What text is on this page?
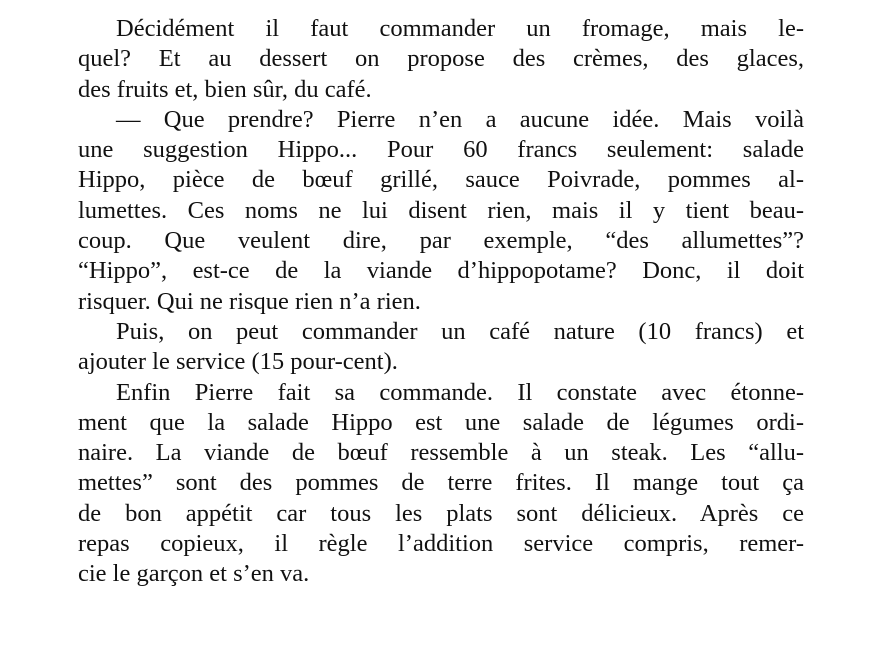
Décidément il faut commander un fromage, mais le-
quel? Et au dessert on propose des crèmes, des glaces,
des fruits et, bien sûr, du café.
— Que prendre? Pierre n’en a aucune idée. Mais voilà
une suggestion Hippo... Pour 60 francs seulement: salade
Hippo, pièce de bœuf grillé, sauce Poivrade, pommes al-
lumettes. Ces noms ne lui disent rien, mais il y tient beau-
coup. Que veulent dire, par exemple, “des allumettes”?
“Hippo”, est-ce de la viande d’hippopotame? Donc, il doit
risquer. Qui ne risque rien n’a rien.
Puis, on peut commander un café nature (10 francs) et
ajouter le service (15 pour-cent).
Enfin Pierre fait sa commande. Il constate avec étonne-
ment que la salade Hippo est une salade de légumes ordi-
naire. La viande de bœuf ressemble à un steak. Les “allu-
mettes” sont des pommes de terre frites. Il mange tout ça
de bon appétit car tous les plats sont délicieux. Après ce
repas copieux, il règle l’addition service compris, remer-
cie le garçon et s’en va.
